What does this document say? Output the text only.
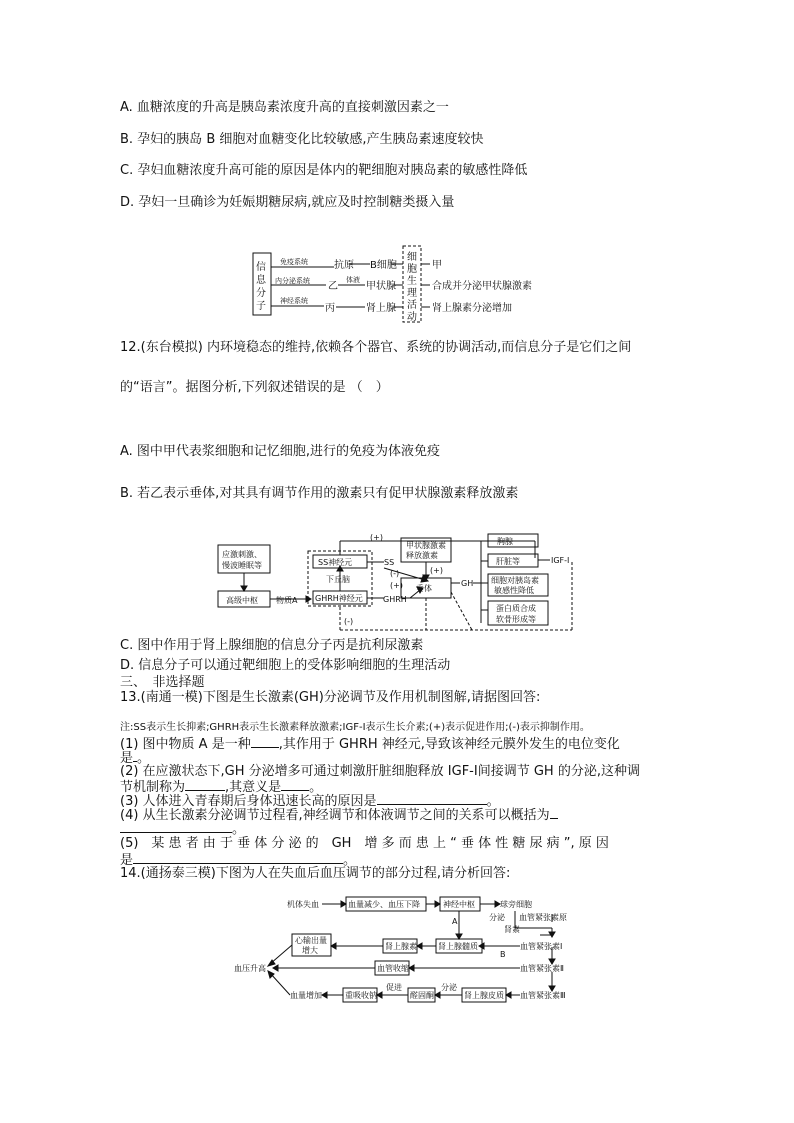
A. 血糖浓度的升高是胰岛素浓度升高的直接刺激因素之一
B. 孕妇的胰岛 B 细胞对血糖变化比较敏感,产生胰岛素速度较快
C. 孕妇血糖浓度升高可能的原因是体内的靶细胞对胰岛素的敏感性降低
D. 孕妇一旦确诊为妊娠期糖尿病,就应及时控制糖类摄入量
信
息
分
子
免疫系统
内分泌系统
神经系统
体液
抗原
乙
丙
B细胞
甲状腺
肾上腺
细
胞
生
理
活
动
甲
合成并分泌甲状腺激素
肾上腺素分泌增加
12.(东台模拟) 内环境稳态的维持,依赖各个器官、系统的协调活动,而信息分子是它们之间
的“语言”。据图分析,下列叙述错误的是 （　）
A. 图中甲代表浆细胞和记忆细胞,进行的免疫为体液免疫
B. 若乙表示垂体,对其具有调节作用的激素只有促甲状腺激素释放激素
应激刺激、
慢波睡眠等
高级中枢 物质A
SS神经元
下丘脑
GHRH神经元
SS
GHRH
甲状腺激素
释放激素
垂体
GH
胸腺
肝脏等
细胞对胰岛素
敏感性降低
蛋白质合成
软骨形成等
IGF-Ⅰ
(+)
(-)
(+)
(+)
(-)
C. 图中作用于肾上腺细胞的信息分子丙是抗利尿激素
D. 信息分子可以通过靶细胞上的受体影响细胞的生理活动
三、　非选择题
13.(南通一模)下图是生长激素(GH)分泌调节及作用机制图解,请据图回答:
注:SS表示生长抑素;GHRH表示生长激素释放激素;IGF-Ⅰ表示生长介素;(+)表示促进作用;(-)表示抑制作用。
(1) 图中物质 A 是一种 ,其作用于 GHRH 神经元,导致该神经元膜外发生的电位变化
是 。
(2) 在应激状态下,GH 分泌增多可通过刺激肝脏细胞释放 IGF-Ⅰ间接调节 GH 的分泌,这种调
节机制称为	,其意义是 。
(3) 人体进入青春期后身体迅速长高的原因是	。
(4) 从生长激素分泌调节过程看,神经调节和体液调节之间的关系可以概括为
。
(5)　某 患 者 由 于 垂 体 分 泌 的　GH　增 多 而 患 上 “ 垂 体 性 糖 尿 病 ”, 原 因
是	。
14.(通扬泰三模)下图为人在失血后血压调节的部分过程,请分析回答:
机体失血	血量减少、血压下降	神经中枢	球旁细胞
分泌
肾素
血管紧张素原
血管紧张素Ⅰ
血管紧张素Ⅱ
血管紧张素Ⅲ
A
B
肾上腺髓质
肾上腺素
心输出量
增大
血管收缩
血压升高
血量增加	重吸收钠
促进
醛固酮
分泌
肾上腺皮质
